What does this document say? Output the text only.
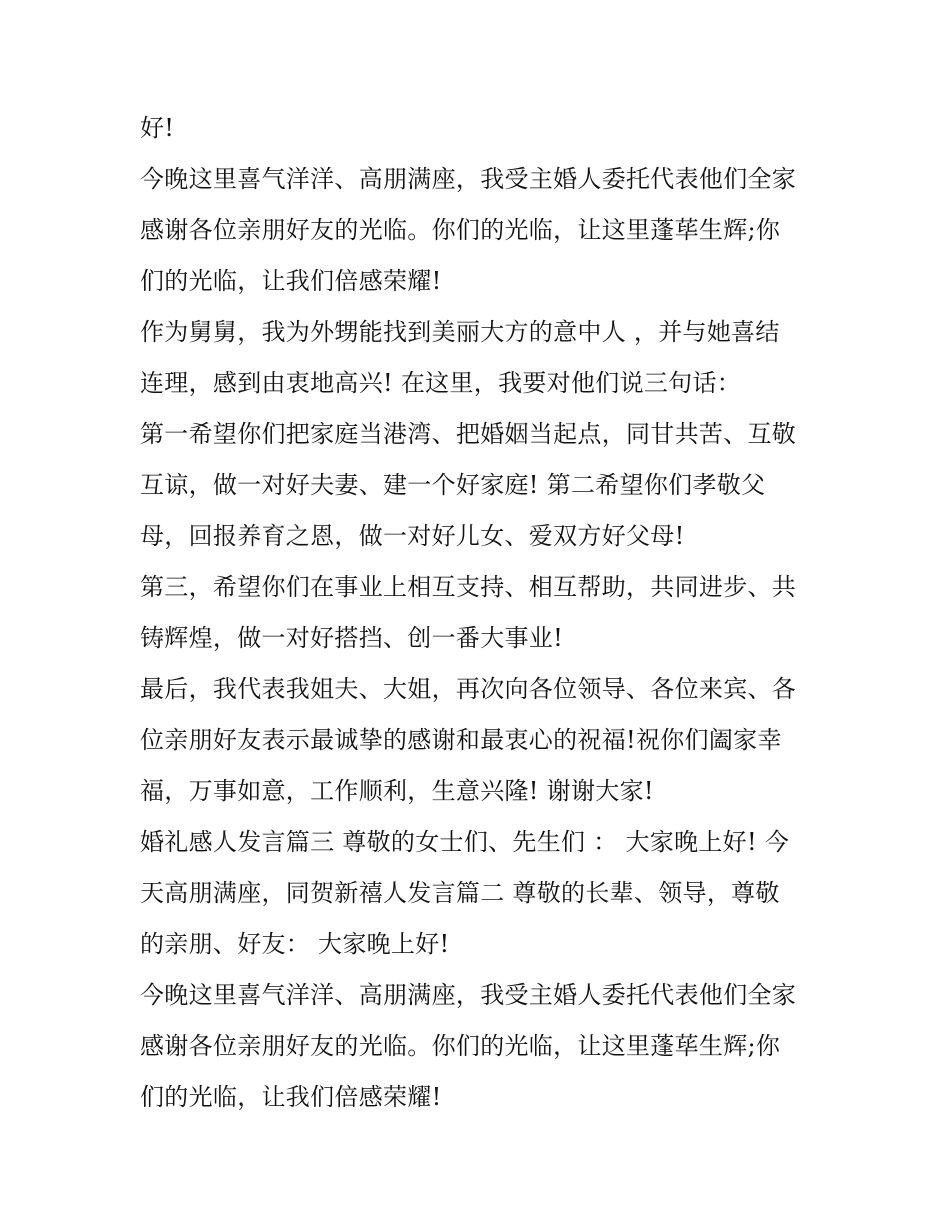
好!
今晚这里喜气洋洋、高朋满座，我受主婚人委托代表他们全家
感谢各位亲朋好友的光临。你们的光临，让这里蓬荜生辉;你
们的光临，让我们倍感荣耀!
作为舅舅，我为外甥能找到美丽大方的意中人 ，并与她喜结
连理，感到由衷地高兴! 在这里，我要对他们说三句话：
第一希望你们把家庭当港湾、把婚姻当起点，同甘共苦、互敬
互谅，做一对好夫妻、建一个好家庭! 第二希望你们孝敬父
母，回报养育之恩，做一对好儿女、爱双方好父母!
第三，希望你们在事业上相互支持、相互帮助，共同进步、共
铸辉煌，做一对好搭挡、创一番大事业!
最后，我代表我姐夫、大姐，再次向各位领导、各位来宾、各
位亲朋好友表示最诚挚的感谢和最衷心的祝福!祝你们阖家幸
福，万事如意，工作顺利，生意兴隆! 谢谢大家!
婚礼感人发言篇三 尊敬的女士们、先生们 ： 大家晚上好! 今
天高朋满座，同贺新禧人发言篇二 尊敬的长辈、领导，尊敬
的亲朋、好友： 大家晚上好!
今晚这里喜气洋洋、高朋满座，我受主婚人委托代表他们全家
感谢各位亲朋好友的光临。你们的光临，让这里蓬荜生辉;你
们的光临，让我们倍感荣耀!
